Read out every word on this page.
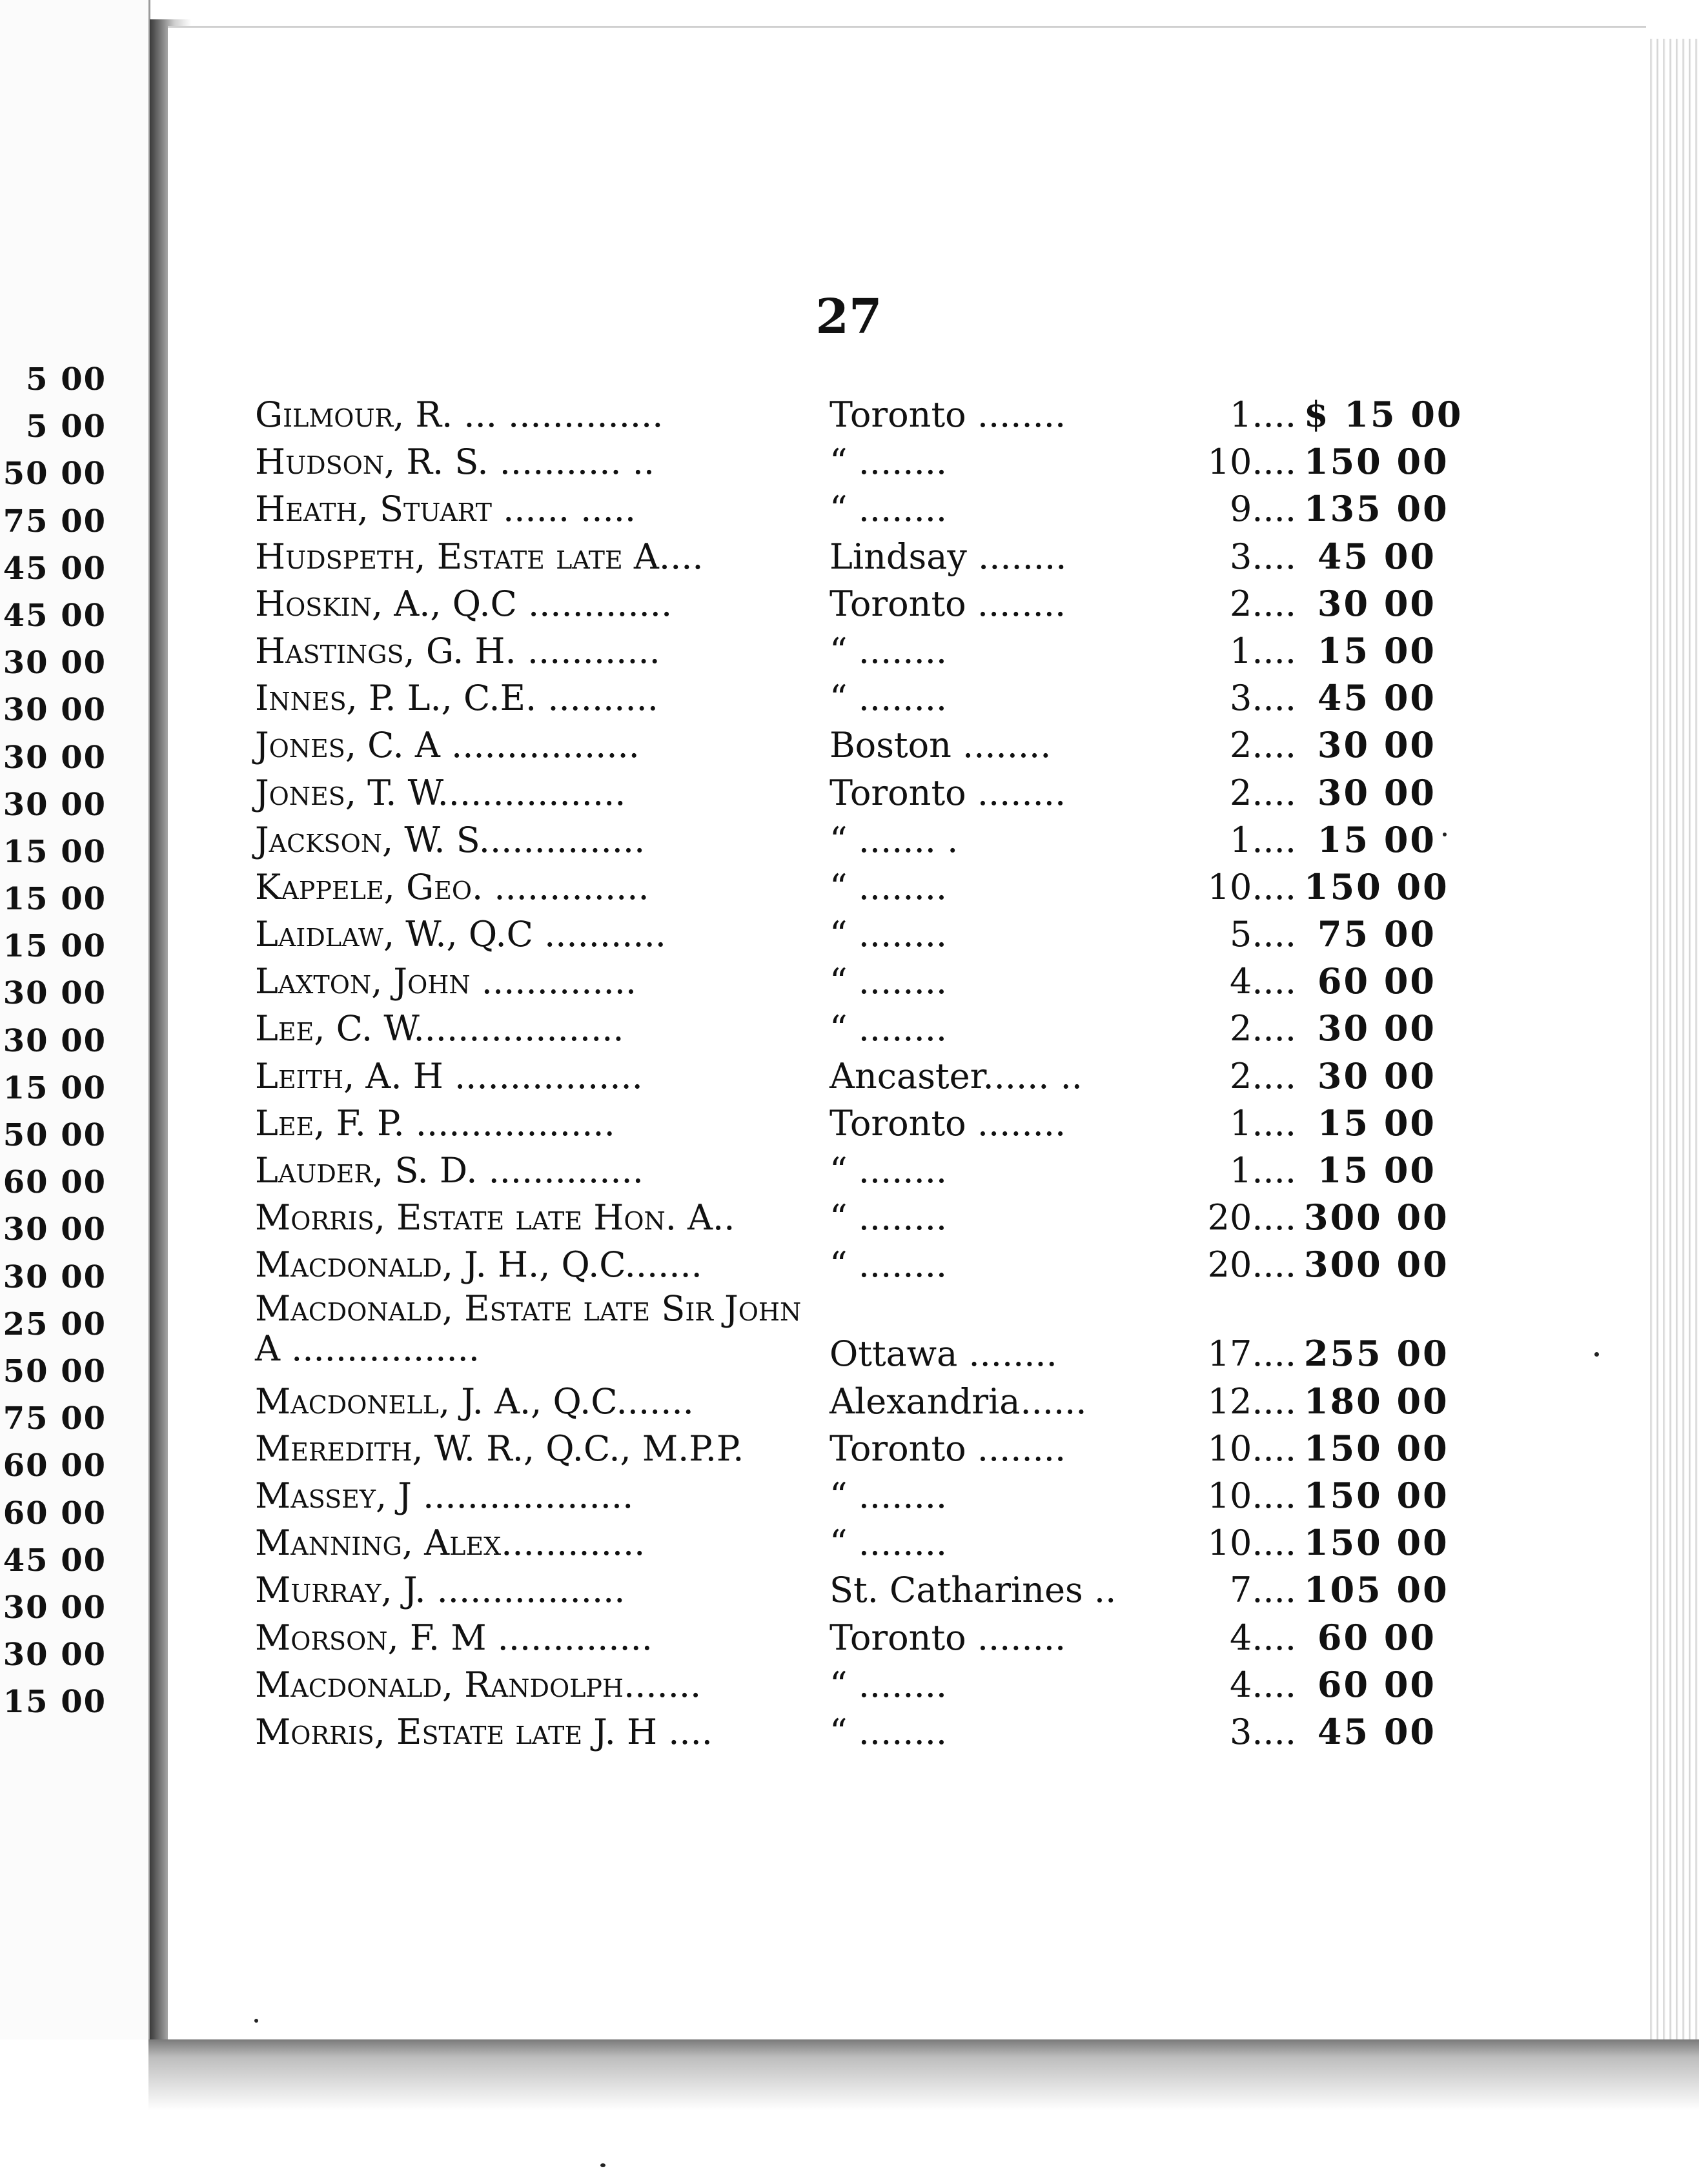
5 00
5 00
50 00
75 00
45 00
45 00
30 00
30 00
30 00
30 00
15 00
15 00
15 00
30 00
30 00
15 00
50 00
60 00
30 00
30 00
25 00
50 00
75 00
60 00
60 00
45 00
30 00
30 00
15 00
27
Gilmour, R. ... ..............	Toronto ........	1.... $ 15 00
Hudson, R. S. ........... ..	“ ........	10.... 150 00
Heath, Stuart ...... .....	“ ........	9.... 135 00
Hudspeth, Estate late A....	Lindsay ........	3.... 45 00
Hoskin, A., Q.C .............	Toronto ........	2.... 30 00
Hastings, G. H. ............	“ ........	1.... 15 00
Innes, P. L., C.E. ..........	“ ........	3.... 45 00
Jones, C. A .................	Boston ........	2.... 30 00
Jones, T. W.................	Toronto ........	2.... 30 00
Jackson, W. S...............	“ ....... .	1.... 15 00
Kappele, Geo. ..............	“ ........	10.... 150 00
Laidlaw, W., Q.C ...........	“ ........	5.... 75 00
Laxton, John ..............	“ ........	4.... 60 00
Lee, C. W...................	“ ........	2.... 30 00
Leith, A. H .................	Ancaster...... ..	2.... 30 00
Lee, F. P. ..................	Toronto ........	1.... 15 00
Lauder, S. D. ..............	“ ........	1.... 15 00
Morris, Estate late Hon. A..	“ ........	20.... 300 00
Macdonald, J. H., Q.C.......	“ ........	20.... 300 00
Macdonald, Estate late Sir John A .................	Ottawa ........	17.... 255 00
Macdonell, J. A., Q.C.......	Alexandria......	12.... 180 00
Meredith, W. R., Q.C., M.P.P.	Toronto ........	10.... 150 00
Massey, J ...................	“ ........	10.... 150 00
Manning, Alex.............	“ ........	10.... 150 00
Murray, J. .................	St. Catharines ..	7.... 105 00
Morson, F. M ..............	Toronto ........	4.... 60 00
Macdonald, Randolph.......	“ ........	4.... 60 00
Morris, Estate late J. H ....	“ ........	3.... 45 00
